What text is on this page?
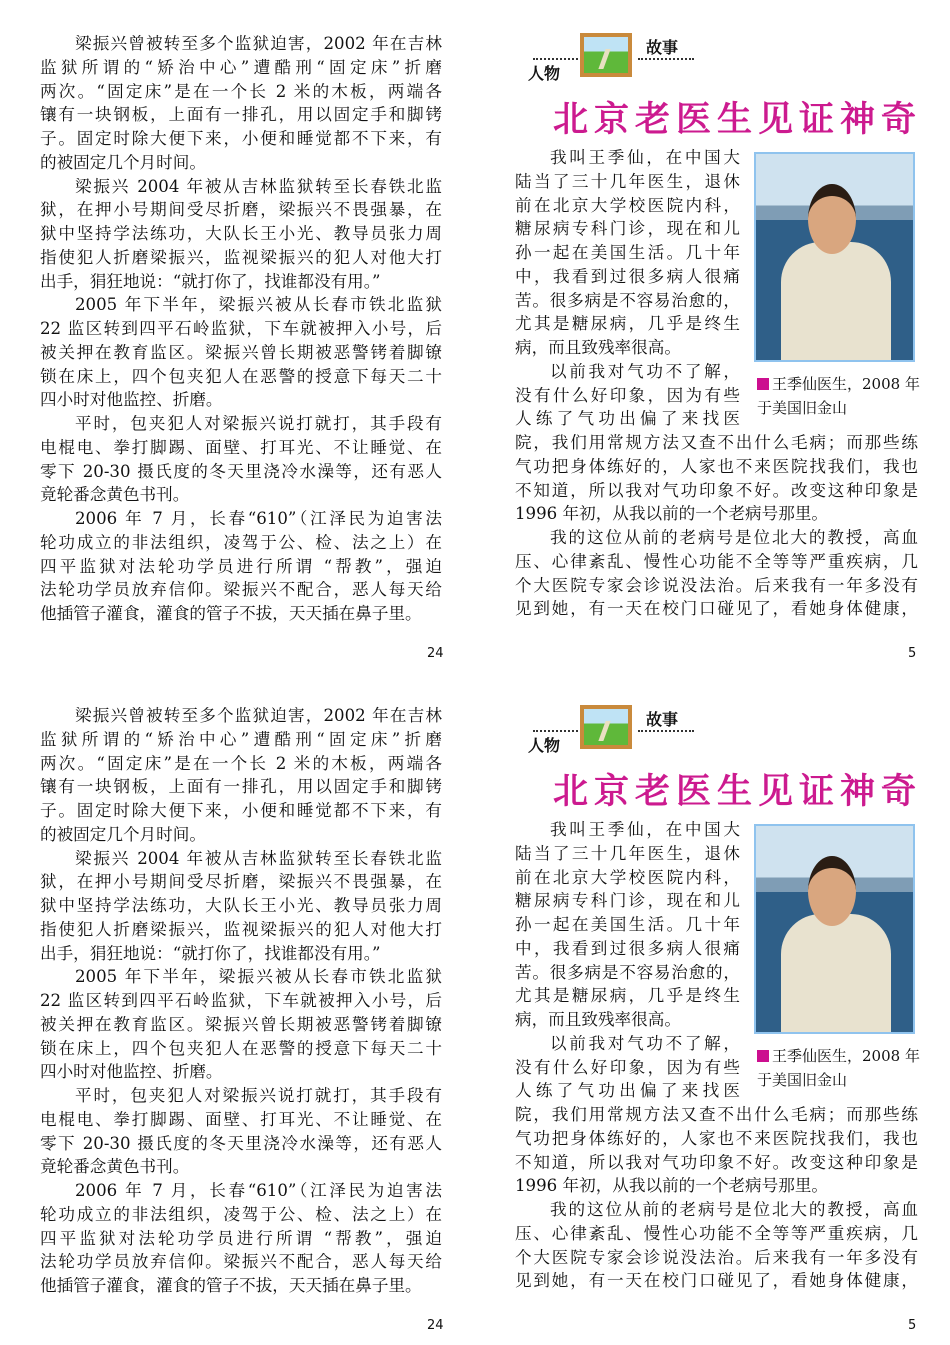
梁振兴曾被转至多个监狱迫害，2002 年在吉林
监狱所谓的“矫治中心”遭酷刑“固定床”折磨
两次。“固定床”是在一个长 2 米的木板，两端各
镶有一块钢板，上面有一排孔，用以固定手和脚铐
子。固定时除大便下来，小便和睡觉都不下来，有
的被固定几个月时间。
梁振兴 2004 年被从吉林监狱转至长春铁北监
狱，在押小号期间受尽折磨，梁振兴不畏强暴，在
狱中坚持学法练功，大队长王小光、教导员张力周
指使犯人折磨梁振兴，监视梁振兴的犯人对他大打
出手，狷狂地说：“就打你了，找谁都没有用。”
2005 年下半年，梁振兴被从长春市铁北监狱
22 监区转到四平石岭监狱，下车就被押入小号，后
被关押在教育监区。梁振兴曾长期被恶警铐着脚镣
锁在床上，四个包夹犯人在恶警的授意下每天二十
四小时对他监控、折磨。
平时，包夹犯人对梁振兴说打就打，其手段有
电棍电、拳打脚踢、面壁、打耳光、不让睡觉、在
零下 20-30 摄氏度的冬天里浇冷水澡等，还有恶人
竟轮番念黄色书刊。
2006 年 7 月，长春“610”（江泽民为迫害法
轮功成立的非法组织，凌驾于公、检、法之上）在
四平监狱对法轮功学员进行所谓 “帮教”，强迫
法轮功学员放弃信仰。梁振兴不配合，恶人每天给
他插管子灌食，灌食的管子不拔，天天插在鼻子里。
24
人物
故事
北京老医生见证神奇
王季仙医生，2008 年于美国旧金山
我叫王季仙，在中国大
陆当了三十几年医生，退休
前在北京大学校医院内科，
糖尿病专科门诊，现在和儿
孙一起在美国生活。几十年
中，我看到过很多病人很痛
苦。很多病是不容易治愈的，
尤其是糖尿病，几乎是终生
病，而且致残率很高。
以前我对气功不了解，
没有什么好印象，因为有些
人练了气功出偏了来找医
院，我们用常规方法又查不出什么毛病；而那些练
气功把身体练好的，人家也不来医院找我们，我也
不知道，所以我对气功印象不好。改变这种印象是
1996 年初，从我以前的一个老病号那里。
我的这位从前的老病号是位北大的教授，高血
压、心律紊乱、慢性心功能不全等等严重疾病，几
个大医院专家会诊说没法治。后来我有一年多没有
见到她，有一天在校门口碰见了，看她身体健康，
5
梁振兴曾被转至多个监狱迫害，2002 年在吉林
监狱所谓的“矫治中心”遭酷刑“固定床”折磨
两次。“固定床”是在一个长 2 米的木板，两端各
镶有一块钢板，上面有一排孔，用以固定手和脚铐
子。固定时除大便下来，小便和睡觉都不下来，有
的被固定几个月时间。
梁振兴 2004 年被从吉林监狱转至长春铁北监
狱，在押小号期间受尽折磨，梁振兴不畏强暴，在
狱中坚持学法练功，大队长王小光、教导员张力周
指使犯人折磨梁振兴，监视梁振兴的犯人对他大打
出手，狷狂地说：“就打你了，找谁都没有用。”
2005 年下半年，梁振兴被从长春市铁北监狱
22 监区转到四平石岭监狱，下车就被押入小号，后
被关押在教育监区。梁振兴曾长期被恶警铐着脚镣
锁在床上，四个包夹犯人在恶警的授意下每天二十
四小时对他监控、折磨。
平时，包夹犯人对梁振兴说打就打，其手段有
电棍电、拳打脚踢、面壁、打耳光、不让睡觉、在
零下 20-30 摄氏度的冬天里浇冷水澡等，还有恶人
竟轮番念黄色书刊。
2006 年 7 月，长春“610”（江泽民为迫害法
轮功成立的非法组织，凌驾于公、检、法之上）在
四平监狱对法轮功学员进行所谓 “帮教”，强迫
法轮功学员放弃信仰。梁振兴不配合，恶人每天给
他插管子灌食，灌食的管子不拔，天天插在鼻子里。
24
人物
故事
北京老医生见证神奇
王季仙医生，2008 年于美国旧金山
我叫王季仙，在中国大
陆当了三十几年医生，退休
前在北京大学校医院内科，
糖尿病专科门诊，现在和儿
孙一起在美国生活。几十年
中，我看到过很多病人很痛
苦。很多病是不容易治愈的，
尤其是糖尿病，几乎是终生
病，而且致残率很高。
以前我对气功不了解，
没有什么好印象，因为有些
人练了气功出偏了来找医
院，我们用常规方法又查不出什么毛病；而那些练
气功把身体练好的，人家也不来医院找我们，我也
不知道，所以我对气功印象不好。改变这种印象是
1996 年初，从我以前的一个老病号那里。
我的这位从前的老病号是位北大的教授，高血
压、心律紊乱、慢性心功能不全等等严重疾病，几
个大医院专家会诊说没法治。后来我有一年多没有
见到她，有一天在校门口碰见了，看她身体健康，
5
